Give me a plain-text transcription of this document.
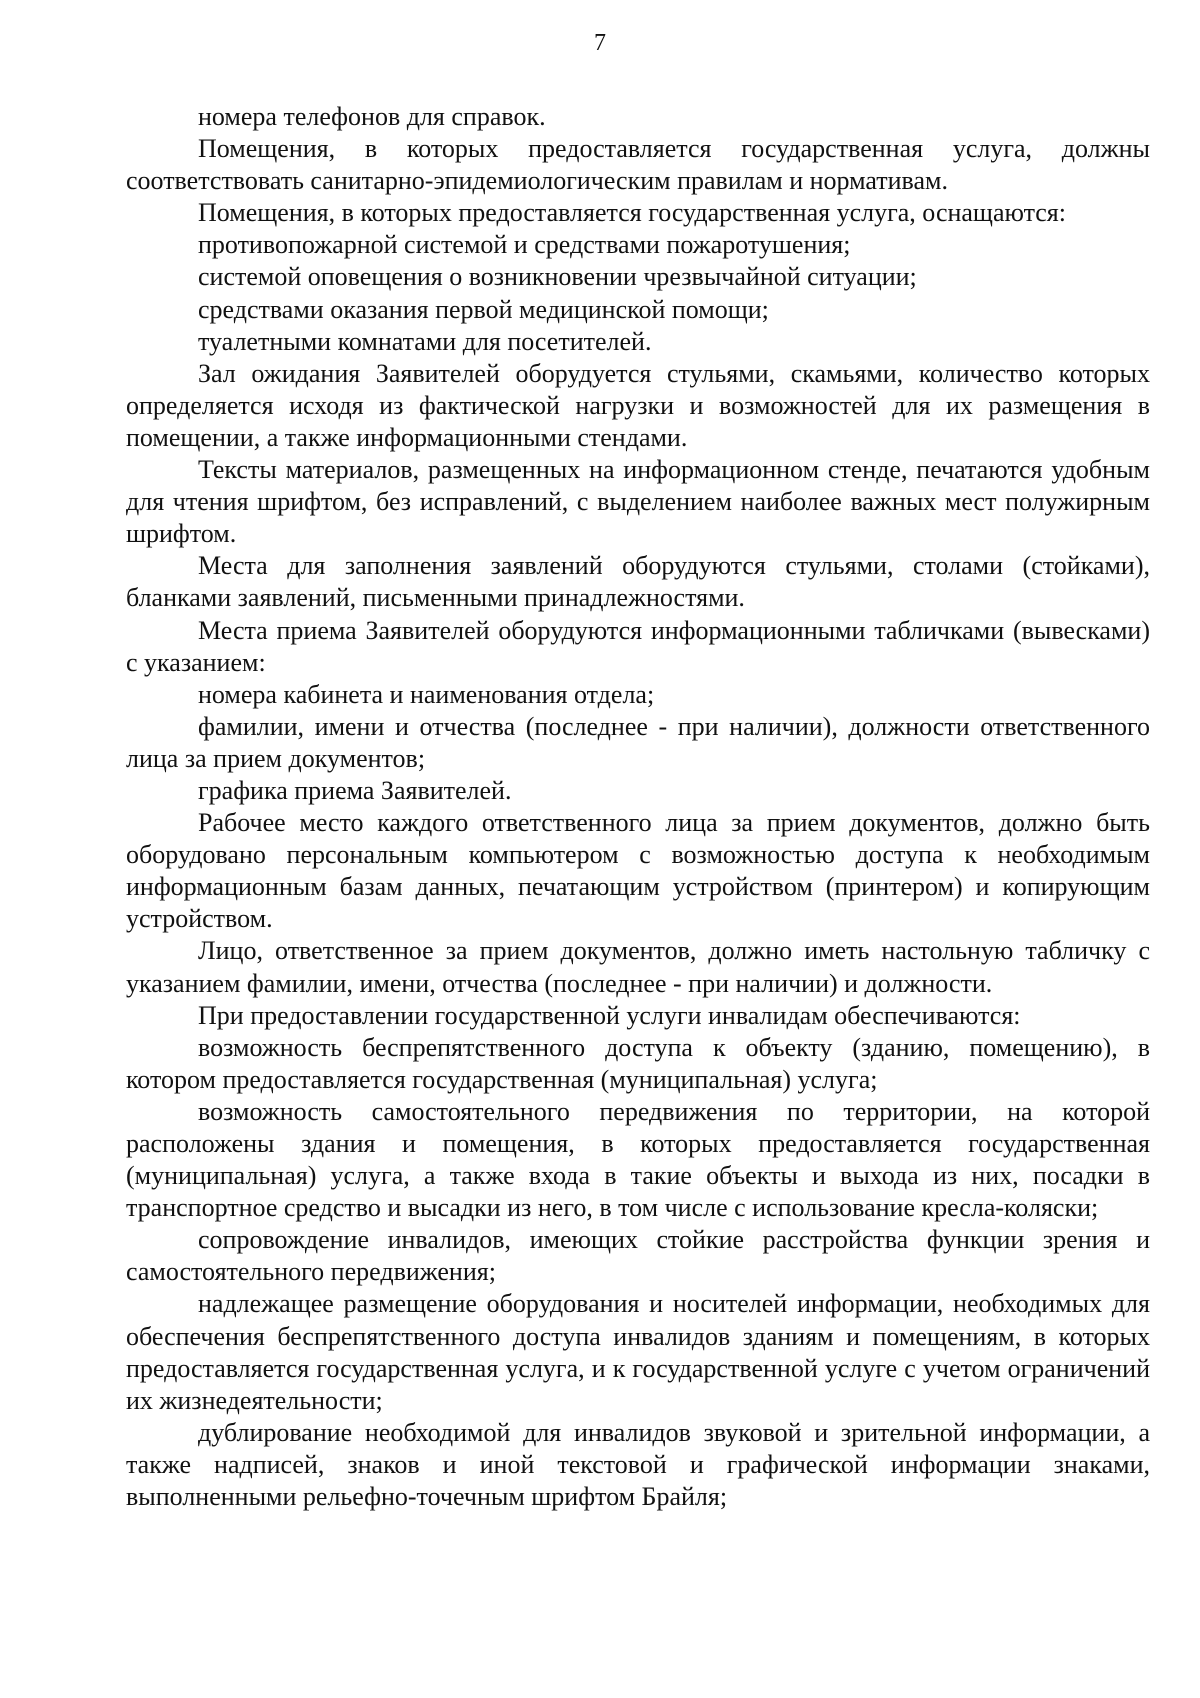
7

номера телефонов для справок.

Помещения, в которых предоставляется государственная услуга, должны соответствовать санитарно-эпидемиологическим правилам и нормативам.

Помещения, в которых предоставляется государственная услуга, оснащаются:

противопожарной системой и средствами пожаротушения;

системой оповещения о возникновении чрезвычайной ситуации;

средствами оказания первой медицинской помощи;

туалетными комнатами для посетителей.

Зал ожидания Заявителей оборудуется стульями, скамьями, количество которых определяется исходя из фактической нагрузки и возможностей для их размещения в помещении, а также информационными стендами.

Тексты материалов, размещенных на информационном стенде, печатаются удобным для чтения шрифтом, без исправлений, с выделением наиболее важных мест полужирным шрифтом.

Места для заполнения заявлений оборудуются стульями, столами (стойками), бланками заявлений, письменными принадлежностями.

Места приема Заявителей оборудуются информационными табличками (вывесками) с указанием:

номера кабинета и наименования отдела;

фамилии, имени и отчества (последнее - при наличии), должности ответственного лица за прием документов;

графика приема Заявителей.

Рабочее место каждого ответственного лица за прием документов, должно быть оборудовано персональным компьютером с возможностью доступа к необходимым информационным базам данных, печатающим устройством (принтером) и копирующим устройством.

Лицо, ответственное за прием документов, должно иметь настольную табличку с указанием фамилии, имени, отчества (последнее - при наличии) и должности.

При предоставлении государственной услуги инвалидам обеспечиваются:

возможность беспрепятственного доступа к объекту (зданию, помещению), в котором предоставляется государственная (муниципальная) услуга;

возможность самостоятельного передвижения по территории, на которой расположены здания и помещения, в которых предоставляется государственная (муниципальная) услуга, а также входа в такие объекты и выхода из них, посадки в транспортное средство и высадки из него, в том числе с использование кресла-коляски;

сопровождение инвалидов, имеющих стойкие расстройства функции зрения и самостоятельного передвижения;

надлежащее размещение оборудования и носителей информации, необходимых для обеспечения беспрепятственного доступа инвалидов зданиям и помещениям, в которых предоставляется государственная услуга, и к государственной услуге с учетом ограничений их жизнедеятельности;

дублирование необходимой для инвалидов звуковой и зрительной информации, а также надписей, знаков и иной текстовой и графической информации знаками, выполненными рельефно-точечным шрифтом Брайля;
